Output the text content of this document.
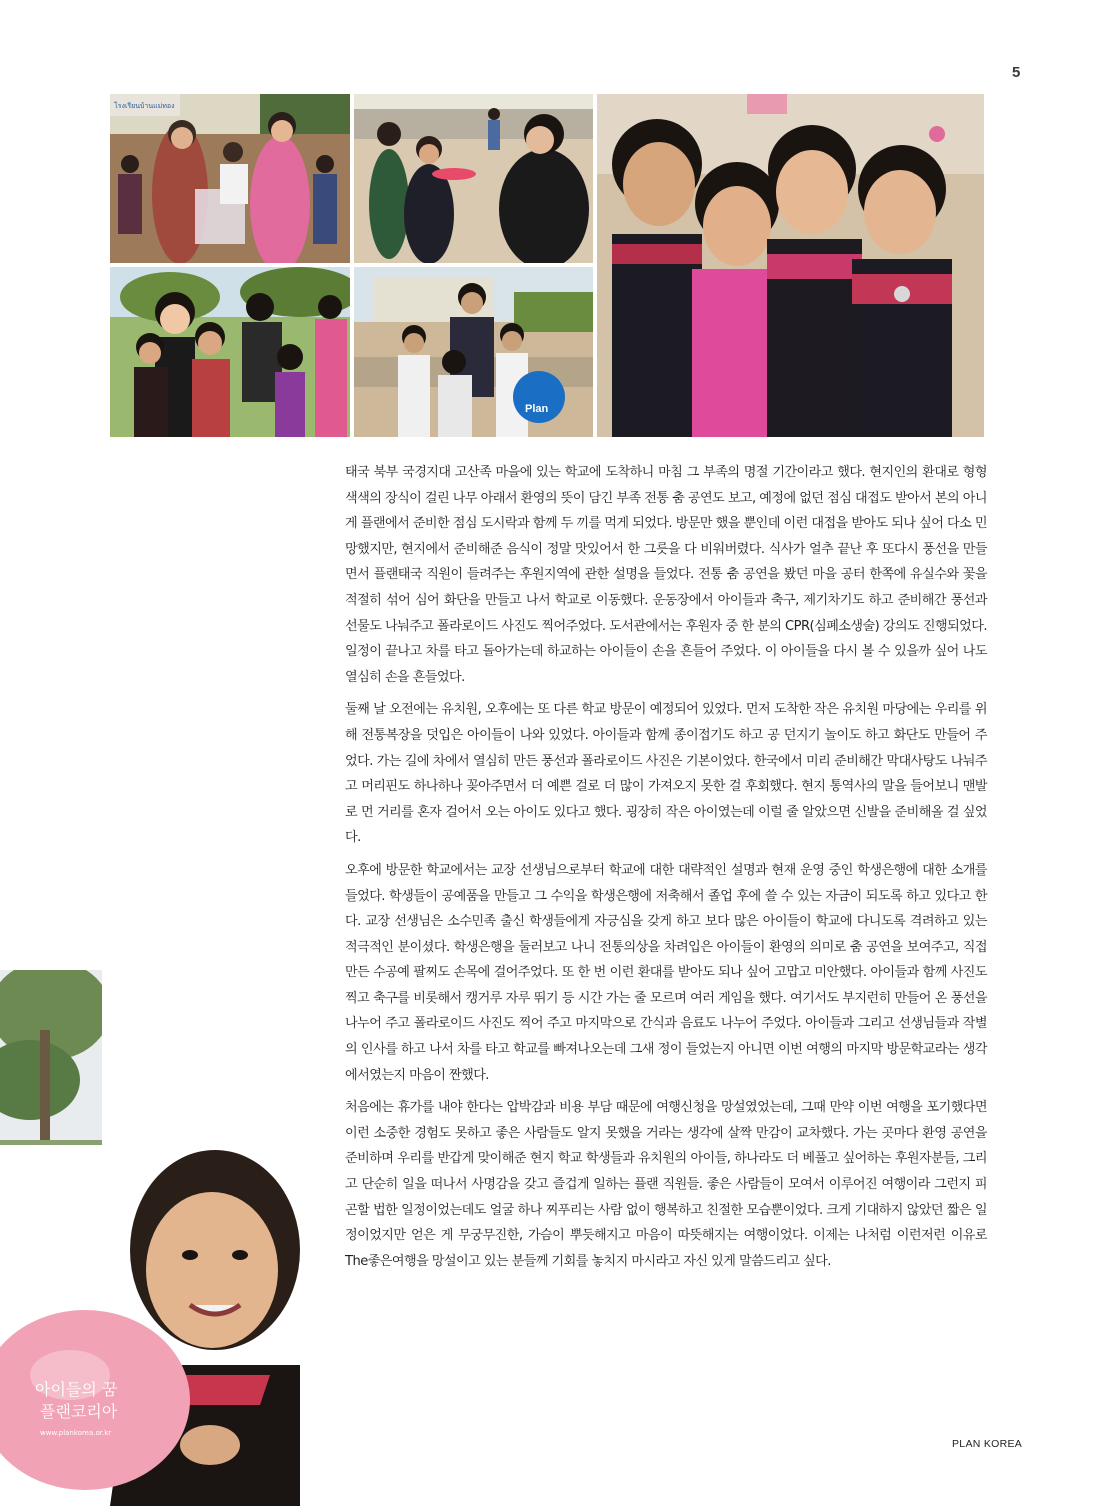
5
โรงเรียนบ้านแม่ทอง
Plan
아이들의 꿈
플랜코리아
www.plankorea.or.kr

태국 북부 국경지대 고산족 마을에 있는 학교에 도착하니 마침 그 부족의 명절 기간이라고 했다. 현지인의 환대로 형형색색의 장식이 걸린 나무 아래서 환영의 뜻이 담긴 부족 전통 춤 공연도 보고, 예정에 없던 점심 대접도 받아서 본의 아니게 플랜에서 준비한 점심 도시락과 함께 두 끼를 먹게 되었다. 방문만 했을 뿐인데 이런 대접을 받아도 되나 싶어 다소 민망했지만, 현지에서 준비해준 음식이 정말 맛있어서 한 그릇을 다 비워버렸다. 식사가 얼추 끝난 후 또다시 풍선을 만들면서 플랜태국 직원이 들려주는 후원지역에 관한 설명을 들었다. 전통 춤 공연을 봤던 마을 공터 한쪽에 유실수와 꽃을 적절히 섞어 심어 화단을 만들고 나서 학교로 이동했다. 운동장에서 아이들과 축구, 제기차기도 하고 준비해간 풍선과 선물도 나눠주고 폴라로이드 사진도 찍어주었다. 도서관에서는 후원자 중 한 분의 CPR(심폐소생술) 강의도 진행되었다. 일정이 끝나고 차를 타고 돌아가는데 하교하는 아이들이 손을 흔들어 주었다. 이 아이들을 다시 볼 수 있을까 싶어 나도 열심히 손을 흔들었다.

둘째 날 오전에는 유치원, 오후에는 또 다른 학교 방문이 예정되어 있었다. 먼저 도착한 작은 유치원 마당에는 우리를 위해 전통복장을 덧입은 아이들이 나와 있었다. 아이들과 함께 종이접기도 하고 공 던지기 놀이도 하고 화단도 만들어 주었다. 가는 길에 차에서 열심히 만든 풍선과 폴라로이드 사진은 기본이었다. 한국에서 미리 준비해간 막대사탕도 나눠주고 머리핀도 하나하나 꽂아주면서 더 예쁜 걸로 더 많이 가져오지 못한 걸 후회했다. 현지 통역사의 말을 들어보니 맨발로 먼 거리를 혼자 걸어서 오는 아이도 있다고 했다. 굉장히 작은 아이였는데 이럴 줄 알았으면 신발을 준비해올 걸 싶었다.

오후에 방문한 학교에서는 교장 선생님으로부터 학교에 대한 대략적인 설명과 현재 운영 중인 학생은행에 대한 소개를 들었다. 학생들이 공예품을 만들고 그 수익을 학생은행에 저축해서 졸업 후에 쓸 수 있는 자금이 되도록 하고 있다고 한다. 교장 선생님은 소수민족 출신 학생들에게 자긍심을 갖게 하고 보다 많은 아이들이 학교에 다니도록 격려하고 있는 적극적인 분이셨다. 학생은행을 둘러보고 나니 전통의상을 차려입은 아이들이 환영의 의미로 춤 공연을 보여주고, 직접 만든 수공예 팔찌도 손목에 걸어주었다. 또 한 번 이런 환대를 받아도 되나 싶어 고맙고 미안했다. 아이들과 함께 사진도 찍고 축구를 비롯해서 캥거루 자루 뛰기 등 시간 가는 줄 모르며 여러 게임을 했다. 여기서도 부지런히 만들어 온 풍선을 나누어 주고 폴라로이드 사진도 찍어 주고 마지막으로 간식과 음료도 나누어 주었다. 아이들과 그리고 선생님들과 작별의 인사를 하고 나서 차를 타고 학교를 빠져나오는데 그새 정이 들었는지 아니면 이번 여행의 마지막 방문학교라는 생각에서였는지 마음이 짠했다.

처음에는 휴가를 내야 한다는 압박감과 비용 부담 때문에 여행신청을 망설였었는데, 그때 만약 이번 여행을 포기했다면 이런 소중한 경험도 못하고 좋은 사람들도 알지 못했을 거라는 생각에 살짝 만감이 교차했다. 가는 곳마다 환영 공연을 준비하며 우리를 반갑게 맞이해준 현지 학교 학생들과 유치원의 아이들, 하나라도 더 베풀고 싶어하는 후원자분들, 그리고 단순히 일을 떠나서 사명감을 갖고 즐겁게 일하는 플랜 직원들. 좋은 사람들이 모여서 이루어진 여행이라 그런지 피곤할 법한 일정이었는데도 얼굴 하나 찌푸리는 사람 없이 행복하고 친절한 모습뿐이었다. 크게 기대하지 않았던 짧은 일정이었지만 얻은 게 무궁무진한, 가슴이 뿌듯해지고 마음이 따뜻해지는 여행이었다. 이제는 나처럼 이런저런 이유로 The좋은여행을 망설이고 있는 분들께 기회를 놓치지 마시라고 자신 있게 말씀드리고 싶다.

PLAN KOREA
